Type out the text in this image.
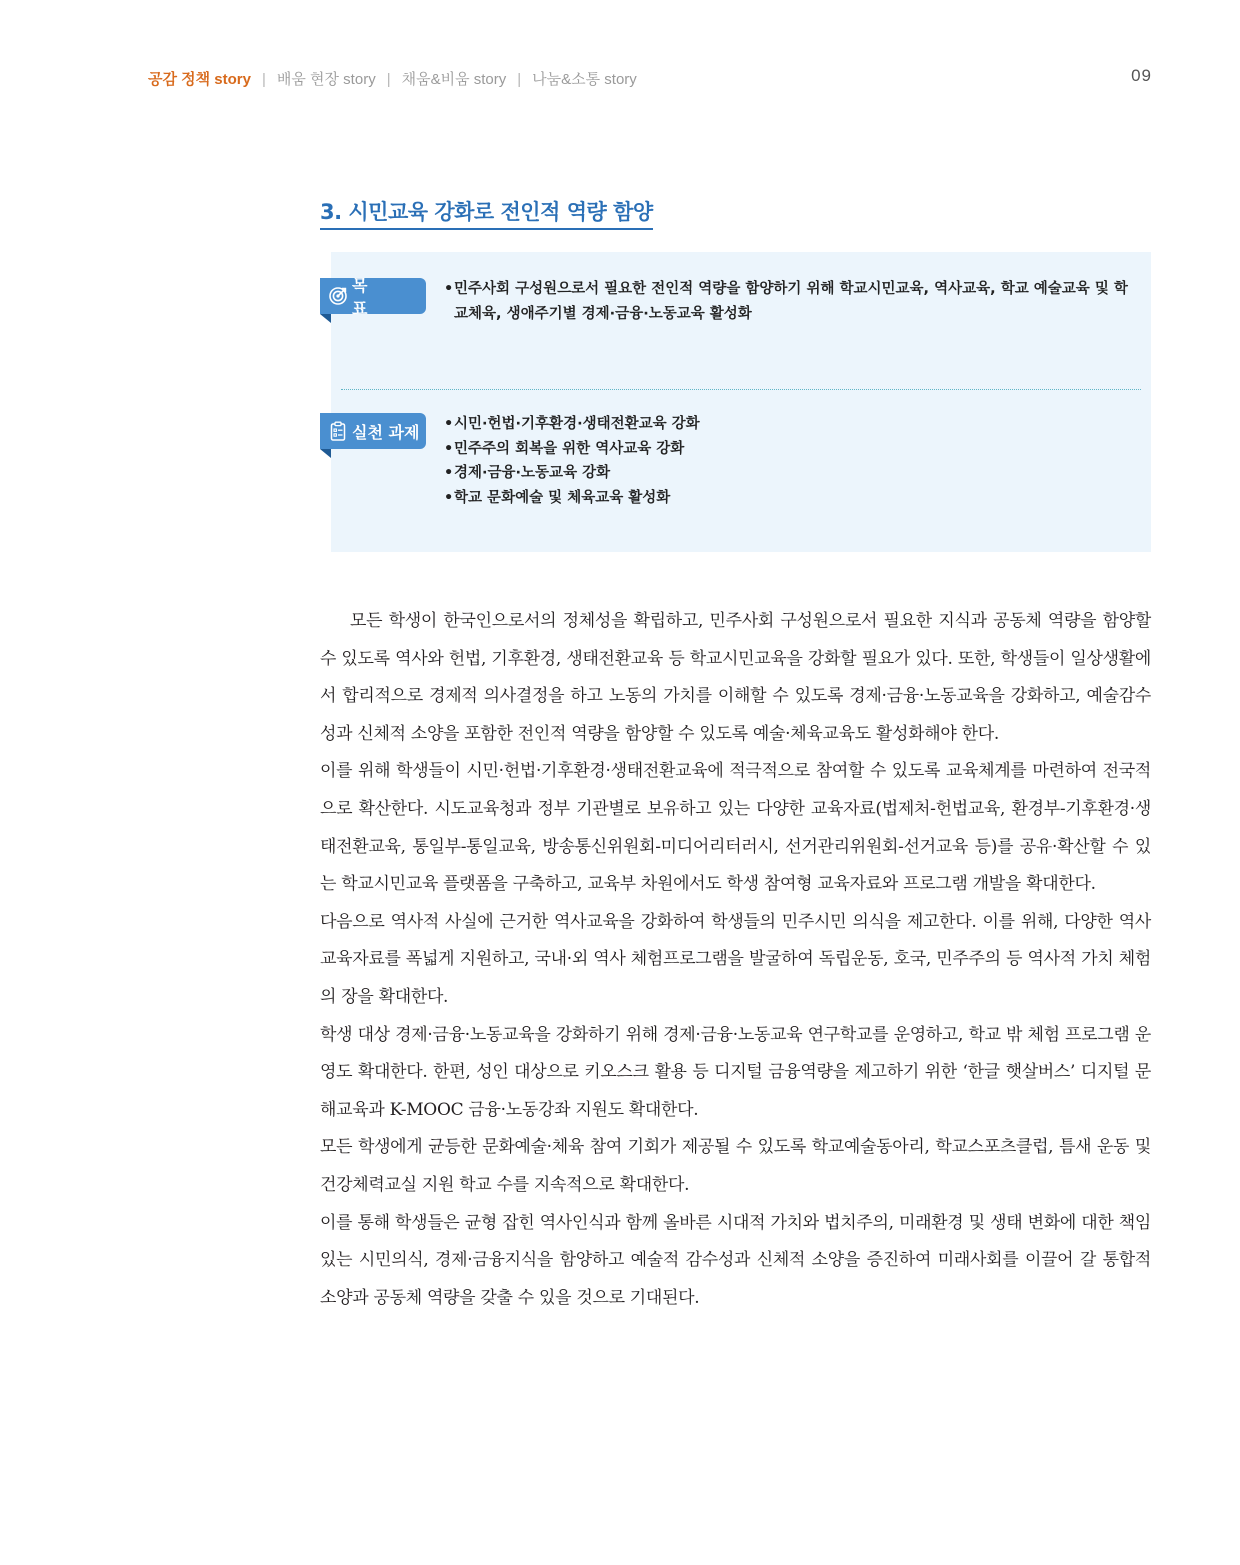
공감 정책 story | 배움 현장 story | 채움&비움 story | 나눔&소통 story	09
3. 시민교육 강화로 전인적 역량 함양
목표
• 민주사회 구성원으로서 필요한 전인적 역량을 함양하기 위해 학교시민교육, 역사교육, 학교 예술교육 및 학교체육, 생애주기별 경제·금융·노동교육 활성화
실천 과제
•	시민·헌법·기후환경·생태전환교육 강화
• 민주주의 회복을 위한 역사교육 강화
• 경제·금융·노동교육 강화
• 학교 문화예술 및 체육교육 활성화

모든 학생이 한국인으로서의 정체성을 확립하고, 민주사회 구성원으로서 필요한 지식과 공동체 역량을 함양할 수 있도록 역사와 헌법, 기후환경, 생태전환교육 등 학교시민교육을 강화할 필요가 있다. 또한, 학생들이 일상생활에서 합리적으로 경제적 의사결정을 하고 노동의 가치를 이해할 수 있도록 경제·금융·노동교육을 강화하고, 예술감수성과 신체적 소양을 포함한 전인적 역량을 함양할 수 있도록 예술·체육교육도 활성화해야 한다.

이를 위해 학생들이 시민·헌법·기후환경·생태전환교육에 적극적으로 참여할 수 있도록 교육체계를 마련하여 전국적으로 확산한다. 시도교육청과 정부 기관별로 보유하고 있는 다양한 교육자료(법제처-헌법교육, 환경부-기후환경·생태전환교육, 통일부-통일교육, 방송통신위원회-미디어리터러시, 선거관리위원회-선거교육 등)를 공유·확산할 수 있는 학교시민교육 플랫폼을 구축하고, 교육부 차원에서도 학생 참여형 교육자료와 프로그램 개발을 확대한다.

다음으로 역사적 사실에 근거한 역사교육을 강화하여 학생들의 민주시민 의식을 제고한다. 이를 위해, 다양한 역사 교육자료를 폭넓게 지원하고, 국내·외 역사 체험프로그램을 발굴하여 독립운동, 호국, 민주주의 등 역사적 가치 체험의 장을 확대한다.

학생 대상 경제·금융·노동교육을 강화하기 위해 경제·금융·노동교육 연구학교를 운영하고, 학교 밖 체험 프로그램 운영도 확대한다. 한편, 성인 대상으로 키오스크 활용 등 디지털 금융역량을 제고하기 위한 ‘한글 햇살버스’ 디지털 문해교육과 K-MOOC 금융·노동강좌 지원도 확대한다.

모든 학생에게 균등한 문화예술·체육 참여 기회가 제공될 수 있도록 학교예술동아리, 학교스포츠클럽, 틈새 운동 및 건강체력교실 지원 학교 수를 지속적으로 확대한다.

이를 통해 학생들은 균형 잡힌 역사인식과 함께 올바른 시대적 가치와 법치주의, 미래환경 및 생태 변화에 대한 책임 있는 시민의식, 경제·금융지식을 함양하고 예술적 감수성과 신체적 소양을 증진하여 미래사회를 이끌어 갈 통합적 소양과 공동체 역량을 갖출 수 있을 것으로 기대된다.
